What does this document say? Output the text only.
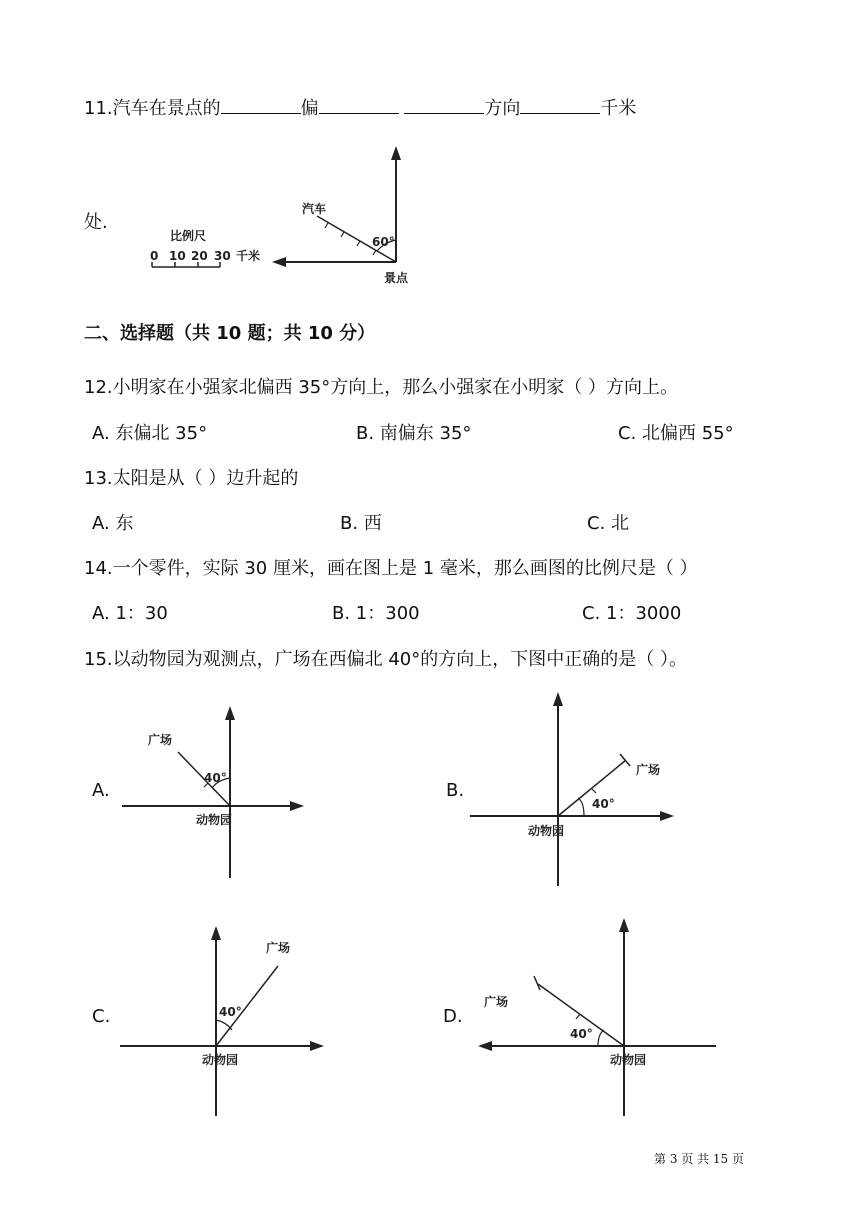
11.汽车在景点的	偏	方向	千米
处.
比例尺
0 10 20 30 千米
汽车
60°
景点
二、选择题（共 10 题；共 10 分）
12.小明家在小强家北偏西 35°方向上，那么小强家在小明家（ ）方向上。
A. 东偏北 35°	B. 南偏东 35°	C. 北偏西 55°
13.太阳是从（ ）边升起的
A. 东	B. 西	C. 北
14.一个零件，实际 30 厘米，画在图上是 1 毫米，那么画图的比例尺是（ ）
A. 1：30	B. 1：300	C. 1：3000
15.以动物园为观测点，广场在西偏北 40°的方向上，下图中正确的是（ ）。
A.
广场
40°
动物园
B.
广场
40°
动物园
C.
广场
40°
动物园
D.
广场
40°
动物园
第 3 页 共 15 页
